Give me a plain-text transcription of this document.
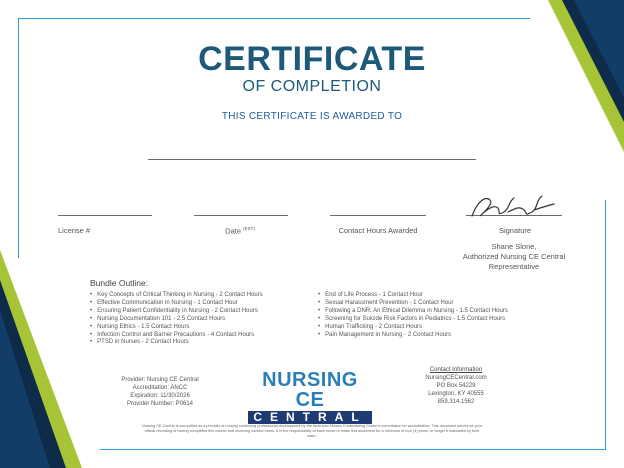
CERTIFICATE
OF COMPLETION
THIS CERTIFICATE IS AWARDED TO
License #	Date $^{(EST)}$	Contact Hours Awarded	Signature
Shane Slone,
Authorized Nursing CE Central
Representative
Bundle Outline:
• Key Concepts of Critical Thinking in Nursing - 2 Contact Hours
• Effective Communication in Nursing - 1 Contact Hour
• Ensuring Patient Confidentiality in Nursing - 2 Contact Hours
• Nursing Documentation 101 - 2.5 Contact Hours
• Nursing Ethics - 1.5 Contact Hours
• Infection Control and Barrier Precautions - 4 Contact Hours
• PTSD in Nurses - 2 Contact Hours
• End of Life Process - 1 Contact Hour
• Sexual Harassment Prevention - 1 Contact Hour
• Following a DNR: An Ethical Dilemma in Nursing - 1.5 Contact Hours
• Screening for Suicide Risk Factors in Pediatrics - 1.5 Contact Hours
• Human Trafficking - 2 Contact Hours
• Pain Management in Nursing - 2 Contact Hours
Provider: Nursing CE Central
Accreditation: ANCC
Expiration: 11/30/2026
Provider Number: P0614
NURSING CE
CENTRAL
Contact Information
NursingCECentral.com
PO Box 54229
Lexington, KY 40555
859.314.1562
Nursing CE Central is accredited as a provider of nursing continuing professional development by the American Nurses Credentialing Center's commission on accreditation. This document serves as your official recording of having completed this course and receiving contact hours. It is the responsibility of each nurse to retain this document for a minimum of four (4) years, or longer if mandated by their state.
